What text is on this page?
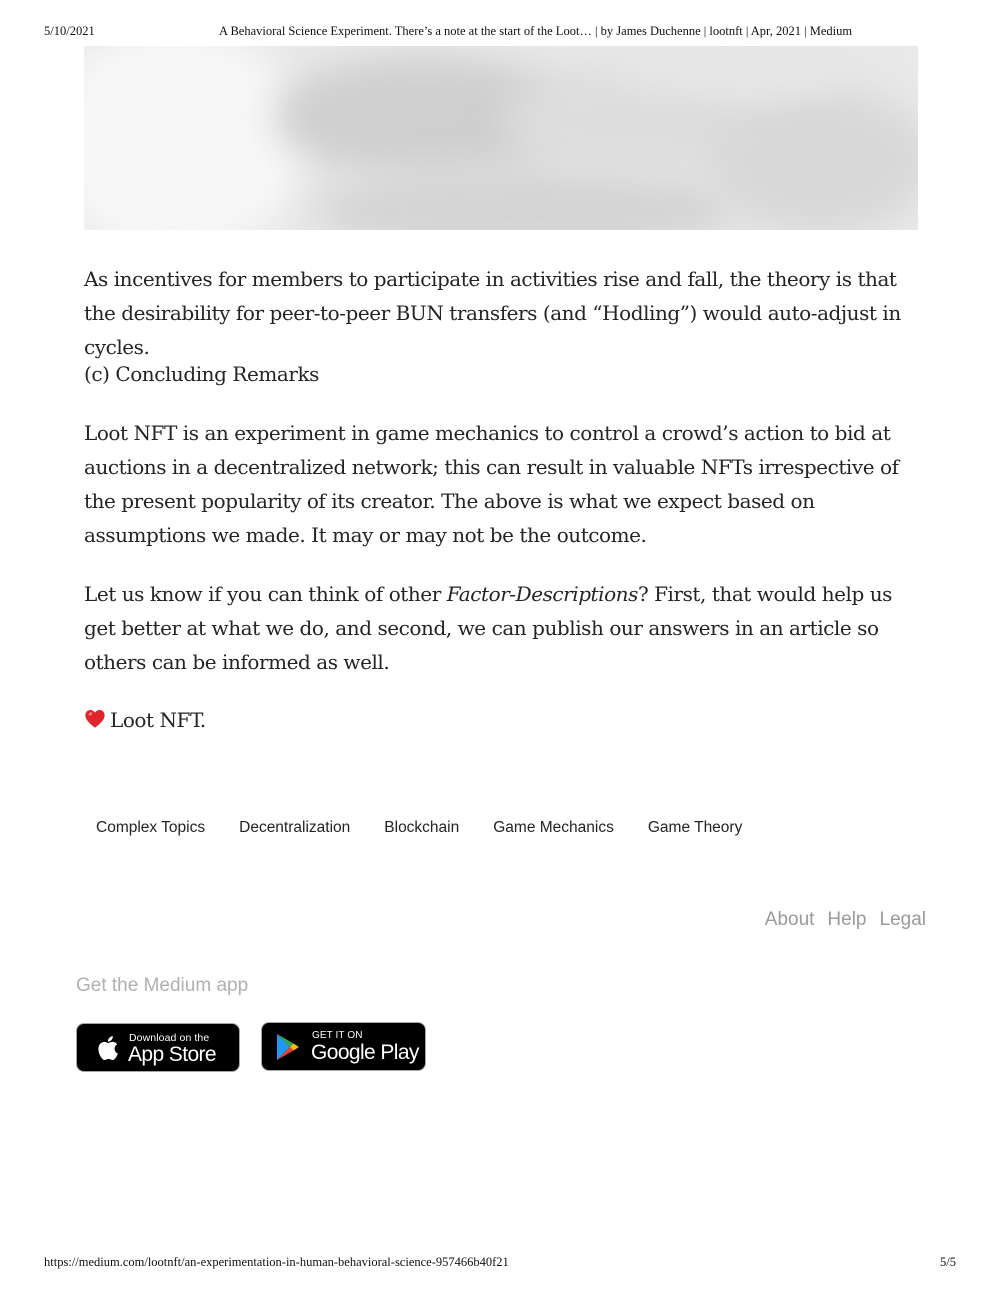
5/10/2021	A Behavioral Science Experiment. There’s a note at the start of the Loot… | by James Duchenne | lootnft | Apr, 2021 | Medium

As incentives for members to participate in activities rise and fall, the theory is that the desirability for peer-to-peer BUN transfers (and “Hodling”) would auto-adjust in cycles.

(c) Concluding Remarks

Loot NFT is an experiment in game mechanics to control a crowd’s action to bid at auctions in a decentralized network; this can result in valuable NFTs irrespective of the present popularity of its creator. The above is what we expect based on assumptions we made. It may or may not be the outcome.

Let us know if you can think of other Factor-Descriptions? First, that would help us get better at what we do, and second, we can publish our answers in an article so others can be informed as well.

Loot NFT.

Complex Topics	Decentralization	Blockchain	Game Mechanics	Game Theory
About Help Legal
Get the Medium app
Download on the
App Store
GET IT ON
Google Play
https://medium.com/lootnft/an-experimentation-in-human-behavioral-science-957466b40f21	5/5
